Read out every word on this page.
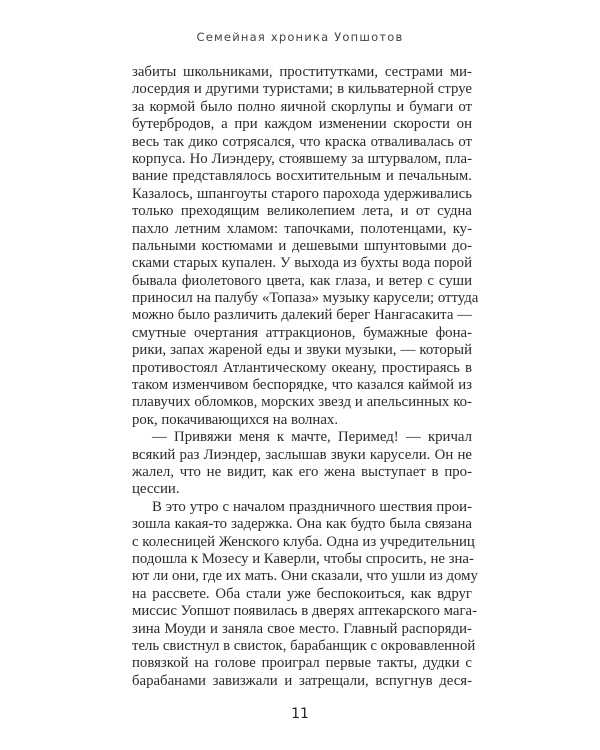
Семейная хроника Уопшотов
забиты школьниками, проститутками, сестрами ми-
лосердия и другими туристами; в кильватерной струе
за кормой было полно яичной скорлупы и бумаги от
бутербродов, а при каждом изменении скорости он
весь так дико сотрясался, что краска отваливалась от
корпуса. Но Лиэндеру, стоявшему за штурвалом, пла-
вание представлялось восхитительным и печальным.
Казалось, шпангоуты старого парохода удерживались
только преходящим великолепием лета, и от судна
пахло летним хламом: тапочками, полотенцами, ку-
пальными костюмами и дешевыми шпунтовыми до-
сками старых купален. У выхода из бухты вода порой
бывала фиолетового цвета, как глаза, и ветер с суши
приносил на палубу «Топаза» музыку карусели; оттуда
можно было различить далекий берег Нангасакита —
смутные очертания аттракционов, бумажные фона-
рики, запах жареной еды и звуки музыки, — который
противостоял Атлантическому океану, простираясь в
таком изменчивом беспорядке, что казался каймой из
плавучих обломков, морских звезд и апельсинных ко-
рок, покачивающихся на волнах.
— Привяжи меня к мачте, Перимед! — кричал
всякий раз Лиэндер, заслышав звуки карусели. Он не
жалел, что не видит, как его жена выступает в про-
цессии.
В это утро с началом праздничного шествия прои-
зошла какая-то задержка. Она как будто была связана
с колесницей Женского клуба. Одна из учредительниц
подошла к Мозесу и Каверли, чтобы спросить, не зна-
ют ли они, где их мать. Они сказали, что ушли из дому
на рассвете. Оба стали уже беспокоиться, как вдруг
миссис Уопшот появилась в дверях аптекарского мага-
зина Моуди и заняла свое место. Главный распоряди-
тель свистнул в свисток, барабанщик с окровавленной
повязкой на голове проиграл первые такты, дудки с
барабанами завизжали и затрещали, вспугнув деся-
11
